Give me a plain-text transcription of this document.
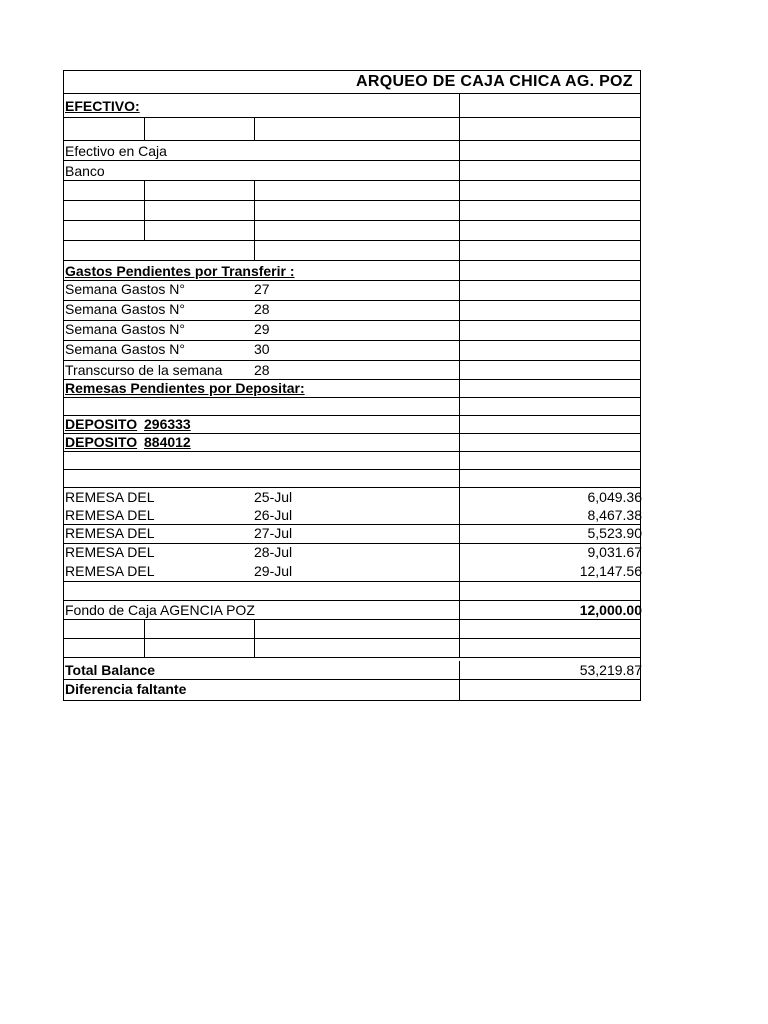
ARQUEO DE CAJA CHICA AG. POZ
EFECTIVO:
Efectivo en Caja
Banco
Gastos Pendientes por Transferir :
Semana Gastos N°	27
Semana Gastos N°	28
Semana Gastos N°	29
Semana Gastos N°	30
Transcurso de la semana	28
Remesas Pendientes por Depositar:
DEPOSITO 296333
DEPOSITO 884012
REMESA DEL	25-Jul	6,049.36
REMESA DEL	26-Jul	8,467.38
REMESA DEL	27-Jul	5,523.90
REMESA DEL	28-Jul	9,031.67
REMESA DEL	29-Jul	12,147.56
Fondo de Caja AGENCIA POZ	12,000.00
Total Balance	53,219.87
Diferencia faltante
